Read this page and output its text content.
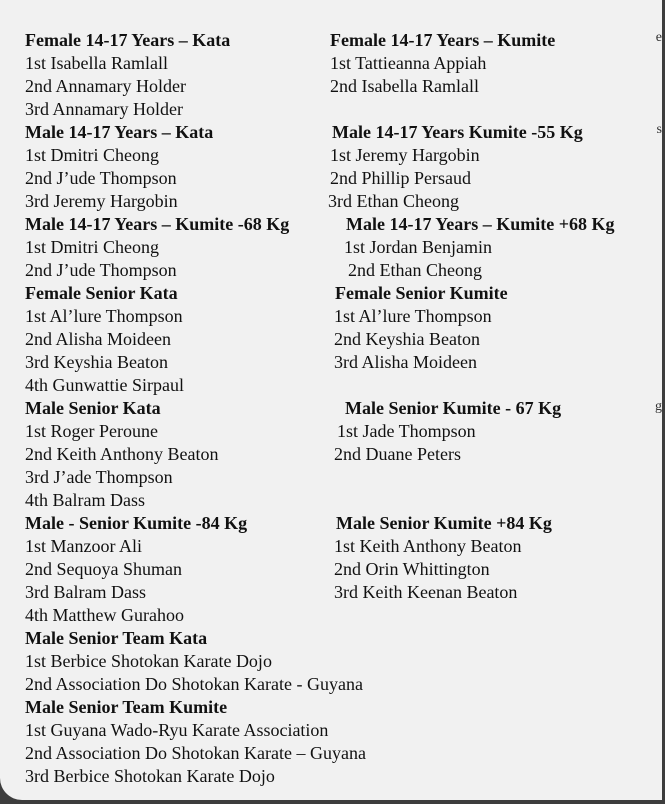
Female 14-17 Years – Kata	Female 14-17 Years – Kumite
1st Isabella Ramlall	1st Tattieanna Appiah
2nd Annamary Holder	2nd Isabella Ramlall
3rd Annamary Holder
Male 14-17 Years – Kata	Male 14-17 Years Kumite -55 Kg
1st Dmitri Cheong	1st Jeremy Hargobin
2nd J’ude Thompson	2nd Phillip Persaud
3rd Jeremy Hargobin	3rd Ethan Cheong
Male 14-17 Years – Kumite -68 Kg	Male 14-17 Years – Kumite +68 Kg
1st Dmitri Cheong	1st Jordan Benjamin
2nd J’ude Thompson	2nd Ethan Cheong
Female Senior Kata	Female Senior Kumite
1st Al’lure Thompson	1st Al’lure Thompson
2nd Alisha Moideen	2nd Keyshia Beaton
3rd Keyshia Beaton	3rd Alisha Moideen
4th Gunwattie Sirpaul
Male Senior Kata	Male Senior Kumite - 67 Kg
1st Roger Peroune	1st Jade Thompson
2nd Keith Anthony Beaton	2nd Duane Peters
3rd J’ade Thompson
4th Balram Dass
Male - Senior Kumite -84 Kg	Male Senior Kumite +84 Kg
1st Manzoor Ali	1st Keith Anthony Beaton
2nd Sequoya Shuman	2nd Orin Whittington
3rd Balram Dass	3rd Keith Keenan Beaton
4th Matthew Gurahoo
Male Senior Team Kata
1st Berbice Shotokan Karate Dojo
2nd Association Do Shotokan Karate - Guyana
Male Senior Team Kumite
1st Guyana Wado-Ryu Karate Association
2nd Association Do Shotokan Karate – Guyana
3rd Berbice Shotokan Karate Dojo
e
s
g
